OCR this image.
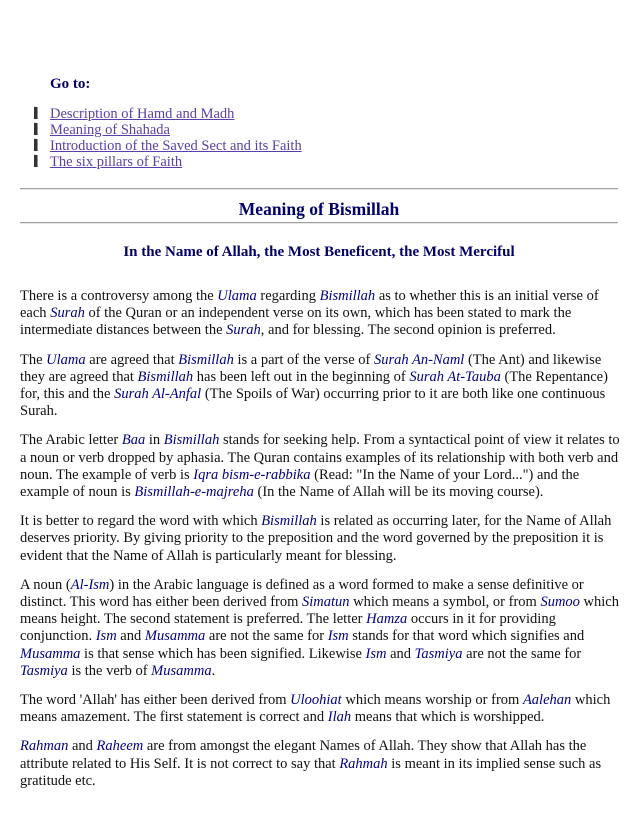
Go to:
▌ Description of Hamd and Madh
▌ Meaning of Shahada
▌ Introduction of the Saved Sect and its Faith
▌ The six pillars of Faith
Meaning of Bismillah
In the Name of Allah, the Most Beneficent, the Most Merciful

There is a controversy among the Ulama regarding Bismillah as to whether this is an initial verse of each Surah of the Quran or an independent verse on its own, which has been stated to mark the intermediate distances between the Surah, and for blessing. The second opinion is preferred.

The Ulama are agreed that Bismillah is a part of the verse of Surah An-Naml (The Ant) and likewise they are agreed that Bismillah has been left out in the beginning of Surah At-Tauba (The Repentance) for, this and the Surah Al-Anfal (The Spoils of War) occurring prior to it are both like one continuous Surah.

The Arabic letter Baa in Bismillah stands for seeking help. From a syntactical point of view it relates to a noun or verb dropped by aphasia. The Quran contains examples of its relationship with both verb and noun. The example of verb is Iqra bism-e-rabbika (Read: "In the Name of your Lord...") and the example of noun is Bismillah-e-majreha (In the Name of Allah will be its moving course).

It is better to regard the word with which Bismillah is related as occurring later, for the Name of Allah deserves priority. By giving priority to the preposition and the word governed by the preposition it is evident that the Name of Allah is particularly meant for blessing.

A noun (Al-Ism) in the Arabic language is defined as a word formed to make a sense definitive or distinct. This word has either been derived from Simatun which means a symbol, or from Sumoo which means height. The second statement is preferred. The letter Hamza occurs in it for providing conjunction. Ism and Musamma are not the same for Ism stands for that word which signifies and Musamma is that sense which has been signified. Likewise Ism and Tasmiya are not the same for Tasmiya is the verb of Musamma.

The word 'Allah' has either been derived from Uloohiat which means worship or from Aalehan which means amazement. The first statement is correct and Ilah means that which is worshipped.

Rahman and Raheem are from amongst the elegant Names of Allah. They show that Allah has the attribute related to His Self. It is not correct to say that Rahmah is meant in its implied sense such as gratitude etc.
